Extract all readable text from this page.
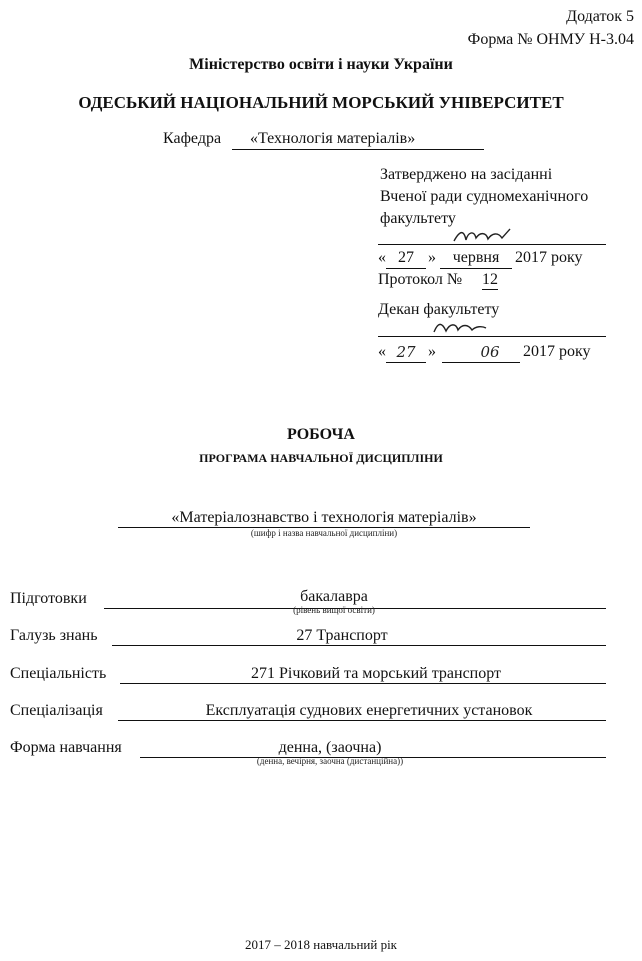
Додаток 5
Форма № ОНМУ Н-3.04
Міністерство освіти і науки України
ОДЕСЬКИЙ НАЦІОНАЛЬНИЙ МОРСЬКИЙ УНІВЕРСИТЕТ
Кафедра «Технологія матеріалів»
Затверджено на засіданні
Вченої ради судномеханічного
факультету
« 27 »	червня 2017 року
Протокол № 12
Декан факультету
« 27 »	06	2017 року
РОБОЧА
ПРОГРАМА НАВЧАЛЬНОЇ ДИСЦИПЛІНИ
«Матеріалознавство і технологія матеріалів»
(шифр і назва навчальної дисципліни)
Підготовки	бакалавра
(рівень вищої освіти)
Галузь знань	27 Транспорт
Спеціальність	271 Річковий та морський транспорт
Спеціалізація	Експлуатація суднових енергетичних установок
Форма навчання	денна, (заочна)
(денна, вечірня, заочна (дистанційна))
2017 – 2018 навчальний рік
